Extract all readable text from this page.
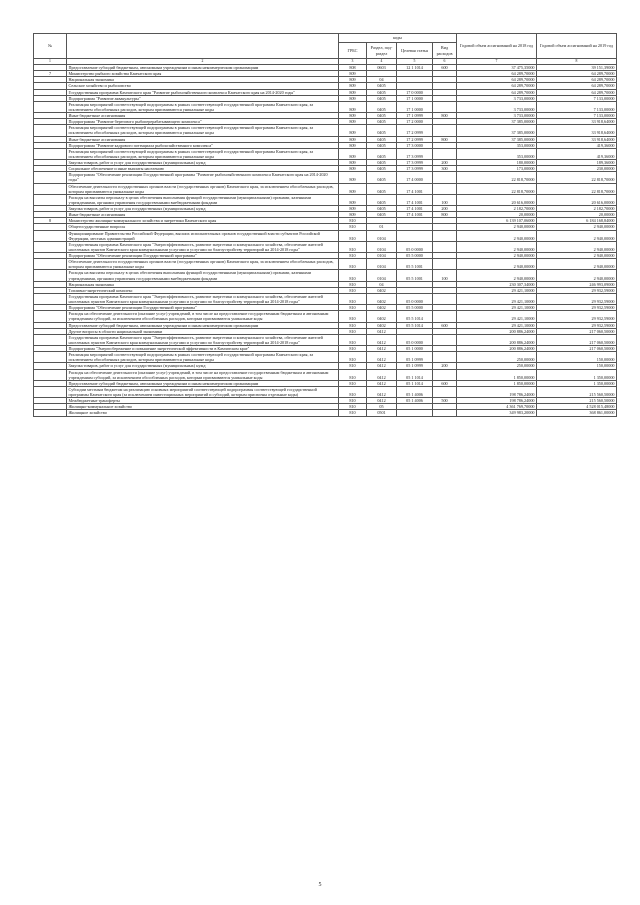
№		коды				Годовой объем ассигнований на 2018 год	Годовой объем ассигнований на 2019 год
		ГРБС	Раздел, под-раздел	Целевая статья	Вид расходов		
1	2	3	4	5	6	7	8
	Предоставление субсидий бюджетным, автономным учреждениям и иным некоммерческим организациям	808	0603	12 1 1014	600	37 475,35000	39 151,39000
7	Министерство рыбного хозяйства Камчатского края	809				64 289,70000	64 289,70000
	Национальная экономика	809	04			64 289,70000	64 289,70000
	Сельское хозяйство и рыболовство	809	0405			64 289,70000	64 289,70000
	Государственная программа Камчатского края "Развитие рыбохозяйственного комплекса Камчатского края на 2014-2020 годы"	809	0405	17 0 0000		64 289,70000	64 289,70000
	Подпрограмма "Развитие аквакультуры"	809	0405	17 1 0000		3 733,00000	7 133,00000
	Реализация мероприятий соответствующей подпрограммы в рамках соответствующей государственной программы Камчатского края, за исключением обособленных расходов, которым присваиваются уникальные коды	809	0405	17 1 0000		3 733,00000	7 133,00000
	Иные бюджетные ассигнования	809	0405	17 1 0999	800	3 733,00000	7 133,00000
	Подпрограмма "Развитие берегового рыбоперерабатывающего комплекса"	809	0405	17 2 0000		37 385,00000	33 918,64000
	Реализация мероприятий соответствующей подпрограммы в рамках соответствующей государственной программы Камчатского края, за исключением обособленных расходов, которым присваиваются уникальные коды	809	0405	17 2 0999		37 385,00000	33 918,64000
	Иные бюджетные ассигнования	809	0405	17 2 0999	800	37 385,00000	33 918,64000
	Подпрограмма "Развитие кадрового потенциала рыбохозяйственного комплекса"	809	0405	17 3 0000		353,00000	419,36000
	Реализация мероприятий соответствующей подпрограммы в рамках соответствующей государственной программы Камчатского края, за исключением обособленных расходов, которым присваиваются уникальные коды	809	0405	17 3 0999		353,00000	419,36000
	Закупка товаров, работ и услуг для государственных (муниципальных) нужд	809	0405	17 3 0999	200	180,00000	189,36000
	Социальное обеспечение и иные выплаты населению	809	0405	17 3 0999	300	173,00000	230,00000
	Подпрограмма "Обеспечение реализации Государственной программы "Развитие рыбохозяйственного комплекса Камчатского края на 2014-2020 годы"	809	0405	17 4 0000		22 818,70000	22 818,70000
	Обеспечение деятельности государственных органов власти (государственных органов) Камчатского края, за исключением обособленных расходов, которым присваиваются уникальные коды	809	0405	17 4 1001		22 818,70000	22 818,70000
	Расходы на выплаты персоналу в целях обеспечения выполнения функций государственными (муниципальными) органами, казенными учреждениями, органами управления государственными внебюджетными фондами	809	0405	17 4 1001	100	20 616,00000	20 616,00000
	Закупка товаров, работ и услуг для государственных (муниципальных) нужд	809	0405	17 4 1001	200	2 182,70000	2 182,70000
	Иные бюджетные ассигнования	809	0405	17 4 1001	800	20,00000	20,00000
8	Министерство жилищно-коммунального хозяйства и энергетики Камчатского края	810				6 139 107,06000	6 184 168,84000
	Общегосударственные вопросы	810	01			2 940,00000	2 940,00000
	Функционирование Правительства Российской Федерации, высших исполнительных органов государственной власти субъектов Российской Федерации, местных администраций	810	0104			2 940,00000	2 940,00000
	Государственная программа Камчатского края "Энергоэффективность, развитие энергетики и коммунального хозяйства, обеспечение жителей населенных пунктов Камчатского края коммунальными услугами и услугами по благоустройству территорий на 2014-2018 годы"	810	0104	05 0 0000		2 940,00000	2 940,00000
	Подпрограмма "Обеспечение реализации Государственной программы"	810	0104	05 5 0000		2 940,00000	2 940,00000
	Обеспечение деятельности государственных органов власти (государственных органов) Камчатского края, за исключением обособленных расходов, которым присваиваются уникальные коды	810	0104	05 5 1001		2 940,00000	2 940,00000
	Расходы на выплаты персоналу в целях обеспечения выполнения функций государственными (муниципальными) органами, казенными учреждениями, органами управления государственными внебюджетными фондами	810	0104	05 5 1001	100	2 940,00000	2 940,00000
	Национальная экономика	810	04			230 307,34000	246 993,09000
	Топливно-энергетический комплекс	810	0402			29 421,10000	29 932,59000
	Государственная программа Камчатского края "Энергоэффективность, развитие энергетики и коммунального хозяйства, обеспечение жителей населенных пунктов Камчатского края коммунальными услугами и услугами по благоустройству территорий на 2014-2018 годы"	810	0402	05 0 0000		29 421,10000	29 932,59000
	Подпрограмма "Обеспечение реализации Государственной программы"	810	0402	05 5 0000		29 421,10000	29 932,59000
	Расходы на обеспечение деятельности (оказание услуг) учреждений, в том числе на предоставление государственным бюджетным и автономным учреждениям субсидий, за исключением обособленных расходов, которым присваиваются уникальные коды	810	0402	05 5 1014		29 421,10000	29 932,59000
	Предоставление субсидий бюджетным, автономным учреждениям и иным некоммерческим организациям	810	0402	05 5 1014	600	29 421,10000	29 932,59000
	Другие вопросы в области национальной экономики	810	0412			200 886,24000	217 060,50000
	Государственная программа Камчатского края "Энергоэффективность, развитие энергетики и коммунального хозяйства, обеспечение жителей населенных пунктов Камчатского края коммунальными услугами и услугами по благоустройству территорий на 2014-2018 годы"	810	0412	05 0 0000		200 886,24000	217 060,50000
	Подпрограмма "Энергосбережение и повышение энергетической эффективности в Камчатском крае"	810	0412	05 1 0000		200 886,24000	217 060,50000
	Реализация мероприятий соответствующей подпрограммы в рамках соответствующей государственной программы Камчатского края, за исключением обособленных расходов, которым присваиваются уникальные коды	810	0412	05 1 0999		250,00000	150,00000
	Закупка товаров, работ и услуг для государственных (муниципальных) нужд	810	0412	05 1 0999	200	250,00000	150,00000
	Расходы на обеспечение деятельности (оказание услуг) учреждений, в том числе на предоставление государственным бюджетным и автономным учреждениям субсидий, за исключением обособленных расходов, которым присваиваются уникальные коды	810	0412	05 1 1014		1 850,00000	1 350,00000
	Предоставление субсидий бюджетным, автономным учреждениям и иным некоммерческим организациям	810	0412	05 1 1014	600	1 850,00000	1 350,00000
	Субсидии местным бюджетам на реализацию основных мероприятий соответствующей подпрограммы соответствующей государственной программы Камчатского края (за исключением инвестиционных мероприятий и субсидий, которым присвоены отдельные коды)	810	0412	05 1 4006		198 786,24000	215 560,50000
	Межбюджетные трансферты	810	0412	05 1 4006	500	198 786,24000	215 560,50000
	Жилищно-коммунальное хозяйство	810	05			4 361 769,70000	4 528 015,48000
	Жилищное хозяйство	810	0501			349 983,20000	368 861,00000
5
